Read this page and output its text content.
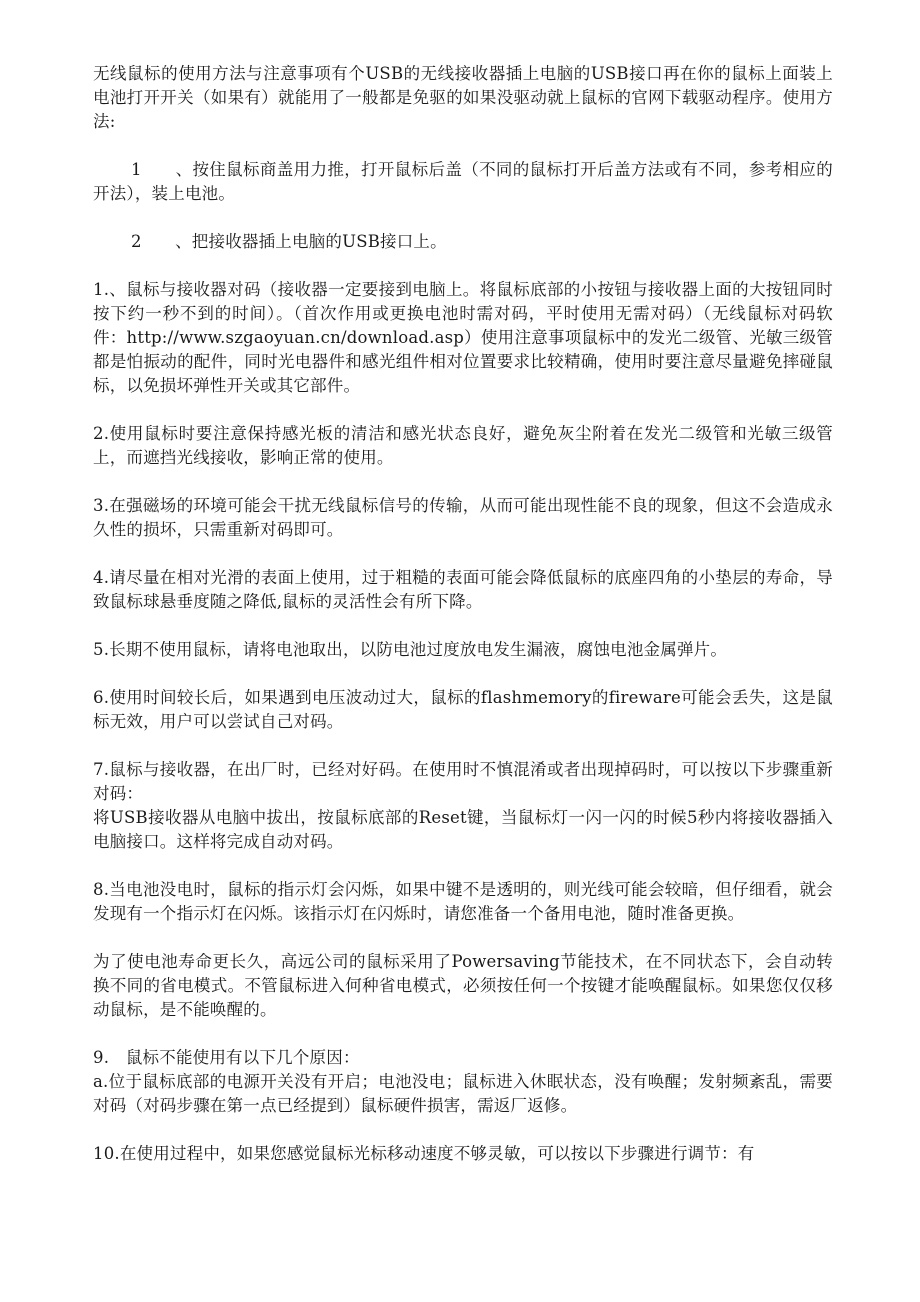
无线鼠标的使用方法与注意事项有个USB的无线接收器插上电脑的USB接口再在你的鼠标上面装上电池打开开关（如果有）就能用了一般都是免驱的如果没驱动就上鼠标的官网下载驱动程序。使用方法:

1　　、按住鼠标商盖用力推，打开鼠标后盖（不同的鼠标打开后盖方法或有不同，参考相应的开法），装上电池。

2　　、把接收器插上电脑的USB接口上。

1.、鼠标与接收器对码（接收器一定要接到电脑上。将鼠标底部的小按钮与接收器上面的大按钮同时按下约一秒不到的时间）。（首次作用或更换电池时需对码，平时使用无需对码）（无线鼠标对码软件：http://www.szgaoyuan.cn/download.asp）使用注意事项鼠标中的发光二级管、光敏三级管都是怕振动的配件，同时光电器件和感光组件相对位置要求比较精确，使用时要注意尽量避免摔碰鼠标，以免损坏弹性开关或其它部件。

2.使用鼠标时要注意保持感光板的清洁和感光状态良好，避免灰尘附着在发光二级管和光敏三级管上，而遮挡光线接收，影响正常的使用。

3.在强磁场的环境可能会干扰无线鼠标信号的传输，从而可能出现性能不良的现象，但这不会造成永久性的损坏，只需重新对码即可。

4.请尽量在相对光滑的表面上使用，过于粗糙的表面可能会降低鼠标的底座四角的小垫层的寿命，导致鼠标球悬垂度随之降低,鼠标的灵活性会有所下降。

5.长期不使用鼠标，请将电池取出，以防电池过度放电发生漏液，腐蚀电池金属弹片。

6.使用时间较长后，如果遇到电压波动过大，鼠标的flashmemory的fireware可能会丢失，这是鼠标无效，用户可以尝试自己对码。

7.鼠标与接收器，在出厂时，已经对好码。在使用时不慎混淆或者出现掉码时，可以按以下步骤重新对码：

将USB接收器从电脑中拔出，按鼠标底部的Reset键，当鼠标灯一闪一闪的时候5秒内将接收器插入电脑接口。这样将完成自动对码。

8.当电池没电时，鼠标的指示灯会闪烁，如果中键不是透明的，则光线可能会较暗，但仔细看，就会发现有一个指示灯在闪烁。该指示灯在闪烁时，请您准备一个备用电池，随时准备更换。

为了使电池寿命更长久，高远公司的鼠标采用了Powersaving节能技术，在不同状态下，会自动转换不同的省电模式。不管鼠标进入何种省电模式，必须按任何一个按键才能唤醒鼠标。如果您仅仅移动鼠标，是不能唤醒的。

9.　鼠标不能使用有以下几个原因：

a.位于鼠标底部的电源开关没有开启；电池没电；鼠标进入休眠状态，没有唤醒；发射频紊乱，需要对码（对码步骤在第一点已经提到）鼠标硬件损害，需返厂返修。

10.在使用过程中，如果您感觉鼠标光标移动速度不够灵敏，可以按以下步骤进行调节：有
